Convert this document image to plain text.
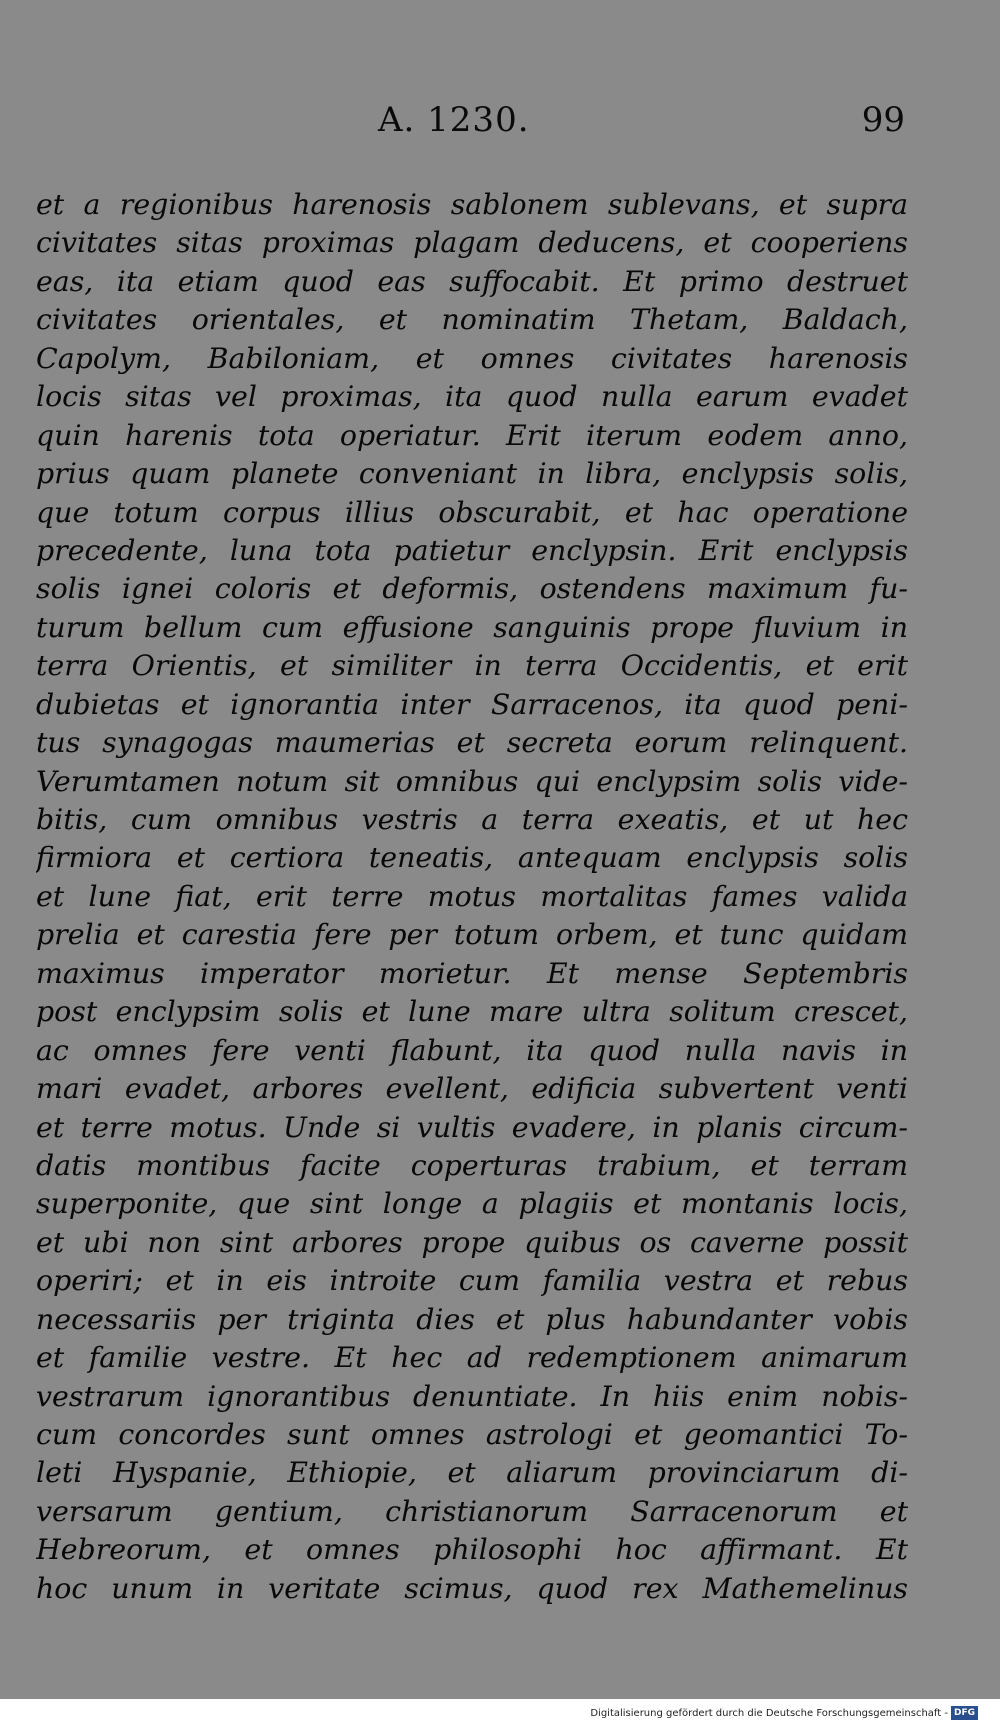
A. 1230.	99
et a regionibus harenosis sablonem sublevans, et supra
civitates sitas proximas plagam deducens, et cooperiens
eas, ita etiam quod eas suffocabit. Et primo destruet
civitates orientales, et nominatim Thetam, Baldach,
Capolym, Babiloniam, et omnes civitates harenosis
locis sitas vel proximas, ita quod nulla earum evadet
quin harenis tota operiatur. Erit iterum eodem anno,
prius quam planete conveniant in libra, enclypsis solis,
que totum corpus illius obscurabit, et hac operatione
precedente, luna tota patietur enclypsin. Erit enclypsis
solis ignei coloris et deformis, ostendens maximum fu-
turum bellum cum effusione sanguinis prope fluvium in
terra Orientis, et similiter in terra Occidentis, et erit
dubietas et ignorantia inter Sarracenos, ita quod peni-
tus synagogas maumerias et secreta eorum relinquent.
Verumtamen notum sit omnibus qui enclypsim solis vide-
bitis, cum omnibus vestris a terra exeatis, et ut hec
firmiora et certiora teneatis, antequam enclypsis solis
et lune fiat, erit terre motus mortalitas fames valida
prelia et carestia fere per totum orbem, et tunc quidam
maximus imperator morietur. Et mense Septembris
post enclypsim solis et lune mare ultra solitum crescet,
ac omnes fere venti flabunt, ita quod nulla navis in
mari evadet, arbores evellent, edificia subvertent venti
et terre motus. Unde si vultis evadere, in planis circum-
datis montibus facite coperturas trabium, et terram
superponite, que sint longe a plagiis et montanis locis,
et ubi non sint arbores prope quibus os caverne possit
operiri; et in eis introite cum familia vestra et rebus
necessariis per triginta dies et plus habundanter vobis
et familie vestre. Et hec ad redemptionem animarum
vestrarum ignorantibus denuntiate. In hiis enim nobis-
cum concordes sunt omnes astrologi et geomantici To-
leti Hyspanie, Ethiopie, et aliarum provinciarum di-
versarum gentium, christianorum Sarracenorum et
Hebreorum, et omnes philosophi hoc affirmant. Et
hoc unum in veritate scimus, quod rex Mathemelinus
Digitalisierung gefördert durch die Deutsche Forschungsgemeinschaft - DFG
